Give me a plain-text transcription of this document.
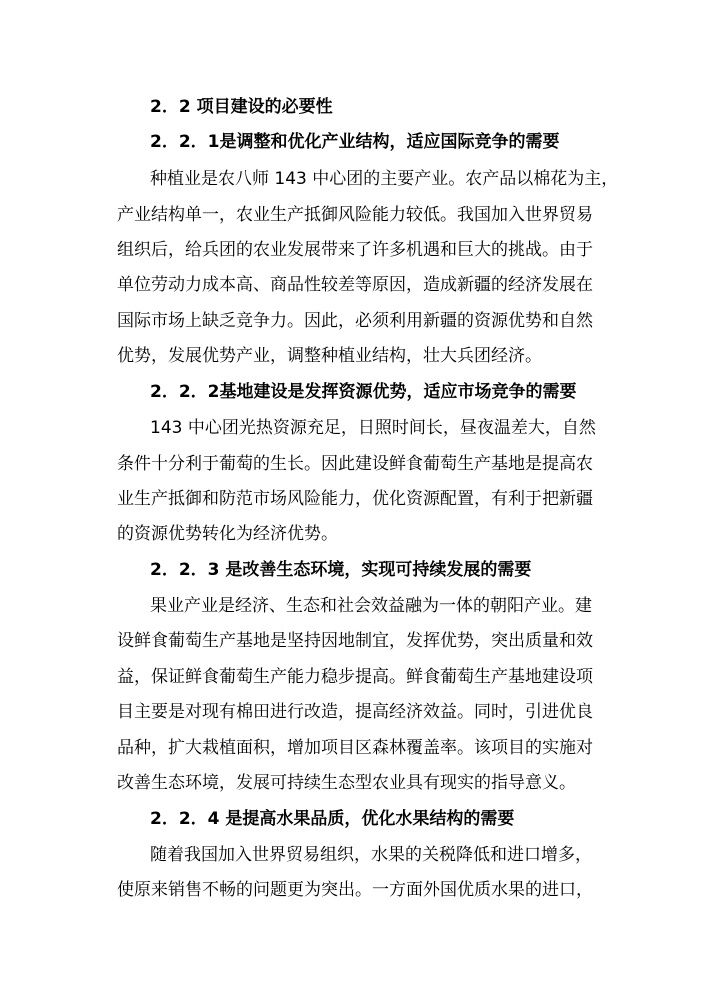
2．2 项目建设的必要性
2．2．1是调整和优化产业结构，适应国际竞争的需要
种植业是农八师 143 中心团的主要产业。农产品以棉花为主，
产业结构单一，农业生产抵御风险能力较低。我国加入世界贸易
组织后，给兵团的农业发展带来了许多机遇和巨大的挑战。由于
单位劳动力成本高、商品性较差等原因，造成新疆的经济发展在
国际市场上缺乏竞争力。因此，必须利用新疆的资源优势和自然
优势，发展优势产业，调整种植业结构，壮大兵团经济。
2．2．2基地建设是发挥资源优势，适应市场竞争的需要
143 中心团光热资源充足，日照时间长，昼夜温差大，自然
条件十分利于葡萄的生长。因此建设鲜食葡萄生产基地是提高农
业生产抵御和防范市场风险能力，优化资源配置，有利于把新疆
的资源优势转化为经济优势。
2．2．3 是改善生态环境，实现可持续发展的需要
果业产业是经济、生态和社会效益融为一体的朝阳产业。建
设鲜食葡萄生产基地是坚持因地制宜，发挥优势，突出质量和效
益，保证鲜食葡萄生产能力稳步提高。鲜食葡萄生产基地建设项
目主要是对现有棉田进行改造，提高经济效益。同时，引进优良
品种，扩大栽植面积，增加项目区森林覆盖率。该项目的实施对
改善生态环境，发展可持续生态型农业具有现实的指导意义。
2．2．4 是提高水果品质，优化水果结构的需要
随着我国加入世界贸易组织，水果的关税降低和进口增多，
使原来销售不畅的问题更为突出。一方面外国优质水果的进口，
